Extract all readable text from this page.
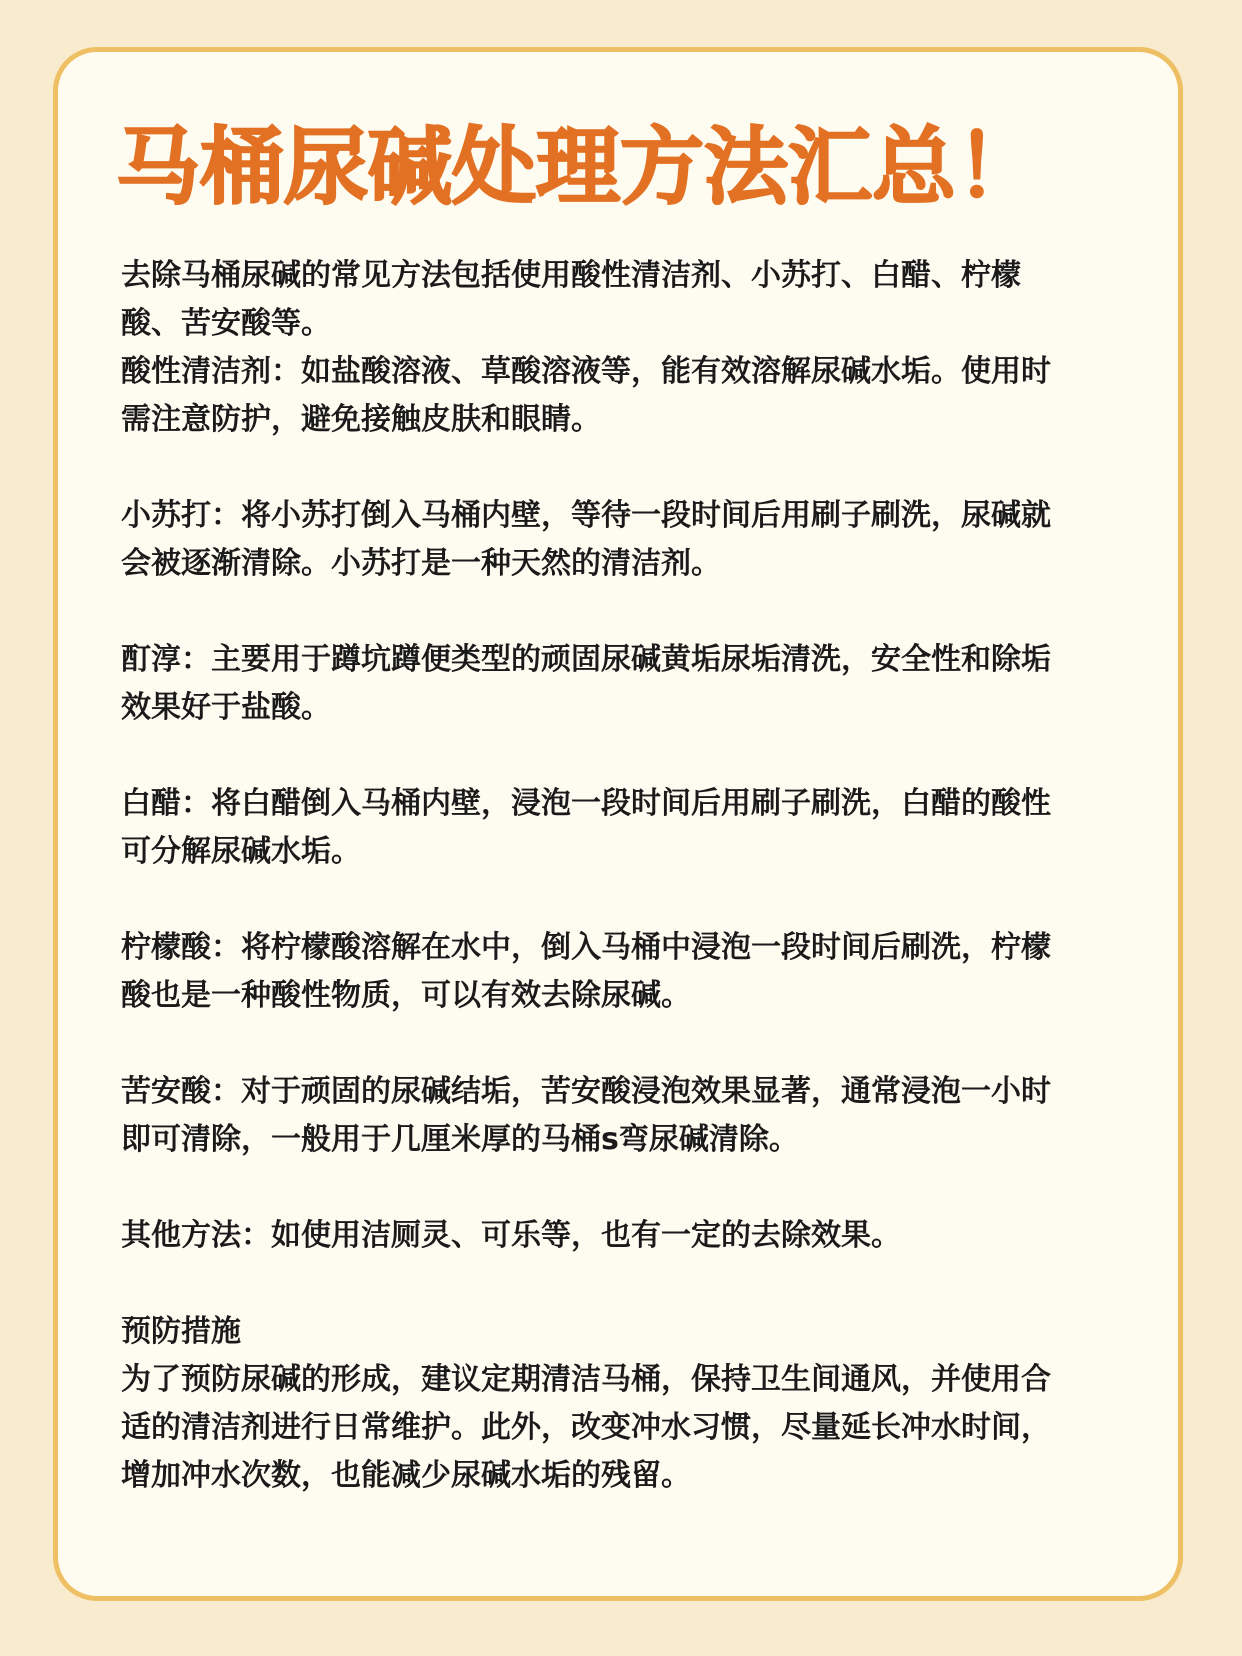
马桶尿碱处理方法汇总！

去除马桶尿碱的常见方法包括使用酸性清洁剂、小苏打、白醋、柠檬
酸、苦安酸等。

酸性清洁剂：如盐酸溶液、草酸溶液等，能有效溶解尿碱水垢。使用时
需注意防护，避免接触皮肤和眼睛。

小苏打：将小苏打倒入马桶内壁，等待一段时间后用刷子刷洗，尿碱就
会被逐渐清除。小苏打是一种天然的清洁剂。

酊淳：主要用于蹲坑蹲便类型的顽固尿碱黄垢尿垢清洗，安全性和除垢
效果好于盐酸。

白醋：将白醋倒入马桶内壁，浸泡一段时间后用刷子刷洗，白醋的酸性
可分解尿碱水垢。

柠檬酸：将柠檬酸溶解在水中，倒入马桶中浸泡一段时间后刷洗，柠檬
酸也是一种酸性物质，可以有效去除尿碱。

苦安酸：对于顽固的尿碱结垢，苦安酸浸泡效果显著，通常浸泡一小时
即可清除，一般用于几厘米厚的马桶s弯尿碱清除。

其他方法：如使用洁厕灵、可乐等，也有一定的去除效果。

预防措施

为了预防尿碱的形成，建议定期清洁马桶，保持卫生间通风，并使用合
适的清洁剂进行日常维护。此外，改变冲水习惯，尽量延长冲水时间，
增加冲水次数，也能减少尿碱水垢的残留。
